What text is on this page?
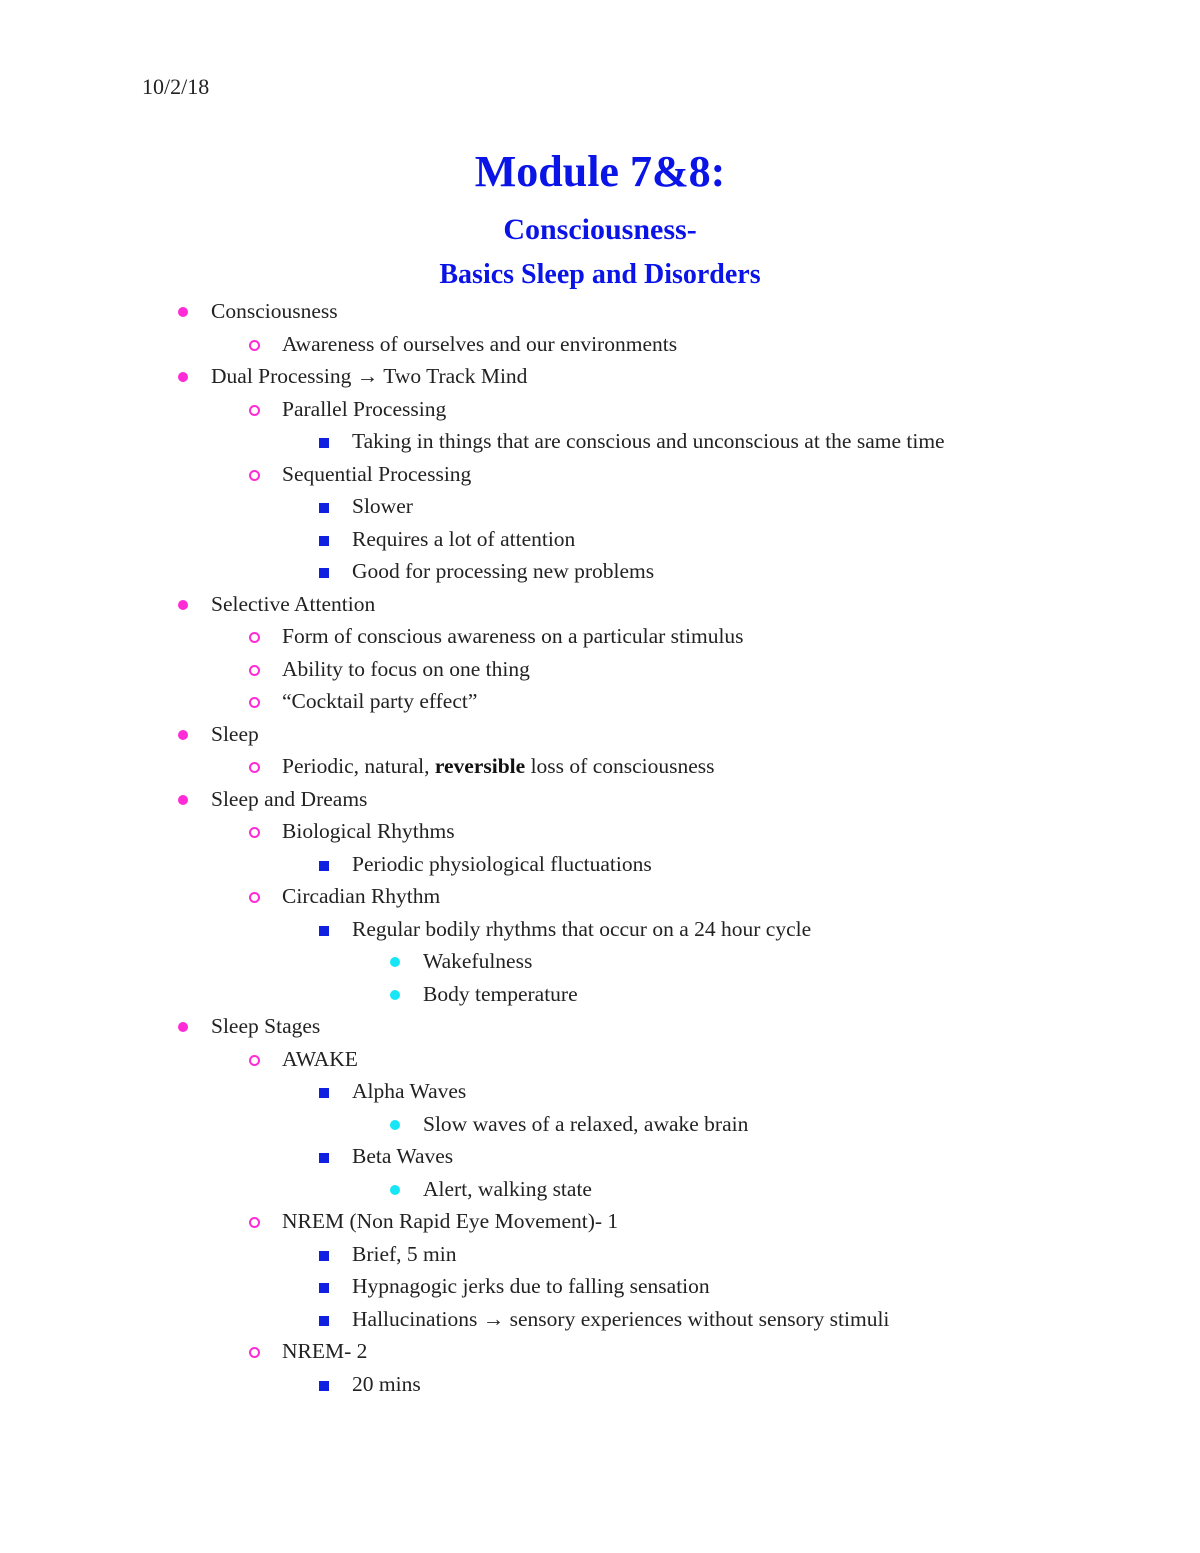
10/2/18
Module 7&8:
Consciousness-
Basics Sleep and Disorders
Consciousness
Awareness of ourselves and our environments
Dual Processing → Two Track Mind
Parallel Processing
Taking in things that are conscious and unconscious at the same time
Sequential Processing
Slower
Requires a lot of attention
Good for processing new problems
Selective Attention
Form of conscious awareness on a particular stimulus
Ability to focus on one thing
“Cocktail party effect”
Sleep
Periodic, natural, reversible loss of consciousness
Sleep and Dreams
Biological Rhythms
Periodic physiological fluctuations
Circadian Rhythm
Regular bodily rhythms that occur on a 24 hour cycle
Wakefulness
Body temperature
Sleep Stages
AWAKE
Alpha Waves
Slow waves of a relaxed, awake brain
Beta Waves
Alert, walking state
NREM (Non Rapid Eye Movement)- 1
Brief, 5 min
Hypnagogic jerks due to falling sensation
Hallucinations → sensory experiences without sensory stimuli
NREM- 2
20 mins
